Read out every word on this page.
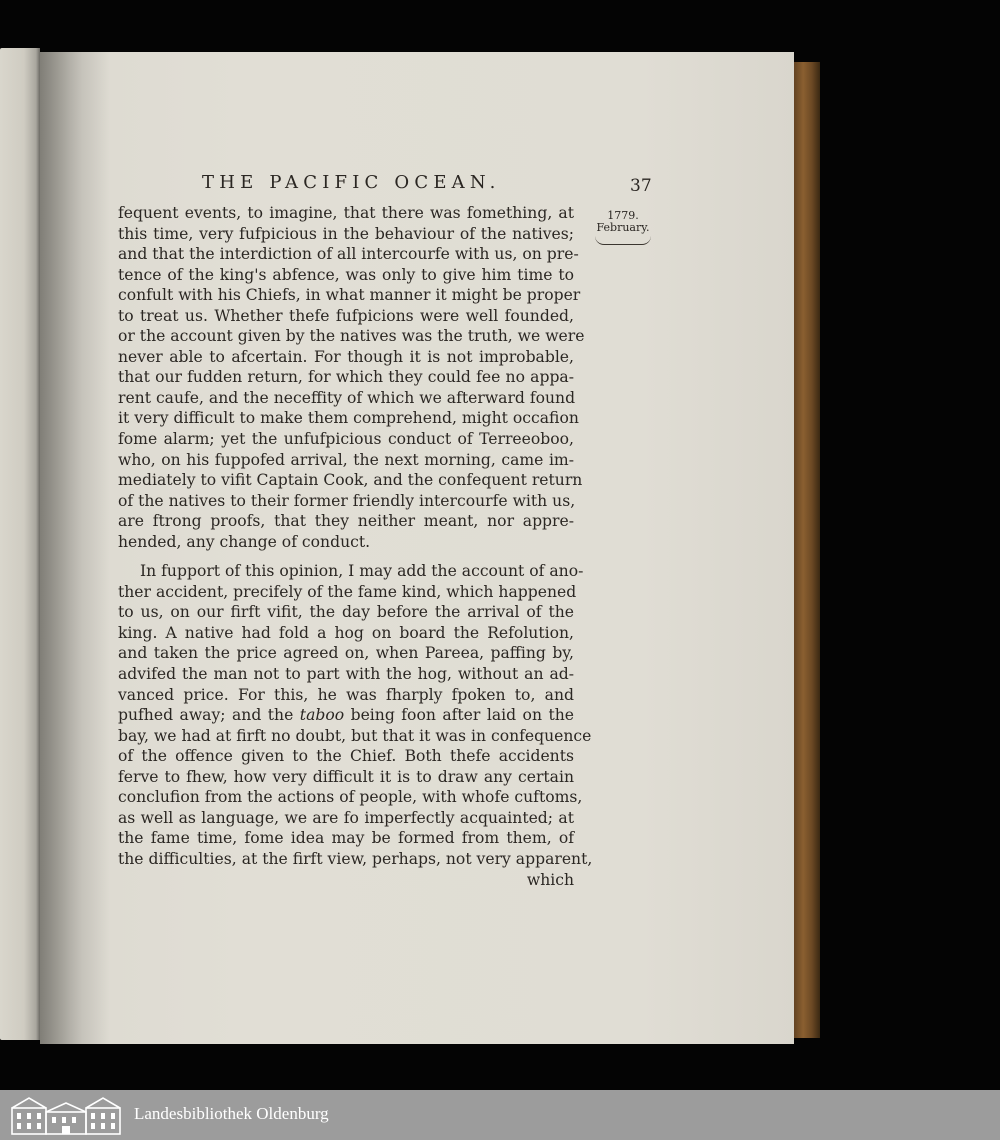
THE PACIFIC OCEAN.	37
1779.
February.
fequent events, to imagine, that there was fomething, at
this time, very fufpicious in the behaviour of the natives;
and that the interdiction of all intercourfe with us, on pre-
tence of the king's abfence, was only to give him time to
confult with his Chiefs, in what manner it might be proper
to treat us. Whether thefe fufpicions were well founded,
or the account given by the natives was the truth, we were
never able to afcertain. For though it is not improbable,
that our fudden return, for which they could fee no appa-
rent caufe, and the neceffity of which we afterward found
it very difficult to make them comprehend, might occafion
fome alarm; yet the unfufpicious conduct of Terreeoboo,
who, on his fuppofed arrival, the next morning, came im-
mediately to vifit Captain Cook, and the confequent return
of the natives to their former friendly intercourfe with us,
are ftrong proofs, that they neither meant, nor appre-
hended, any change of conduct.
In fupport of this opinion, I may add the account of ano-
ther accident, precifely of the fame kind, which happened
to us, on our firft vifit, the day before the arrival of the
king. A native had fold a hog on board the Refolution,
and taken the price agreed on, when Pareea, paffing by,
advifed the man not to part with the hog, without an ad-
vanced price. For this, he was fharply fpoken to, and
pufhed away; and the taboo being foon after laid on the
bay, we had at firft no doubt, but that it was in confequence
of the offence given to the Chief. Both thefe accidents
ferve to fhew, how very difficult it is to draw any certain
conclufion from the actions of people, with whofe cuftoms,
as well as language, we are fo imperfectly acquainted; at
the fame time, fome idea may be formed from them, of
the difficulties, at the firft view, perhaps, not very apparent,
which
Landesbibliothek Oldenburg
